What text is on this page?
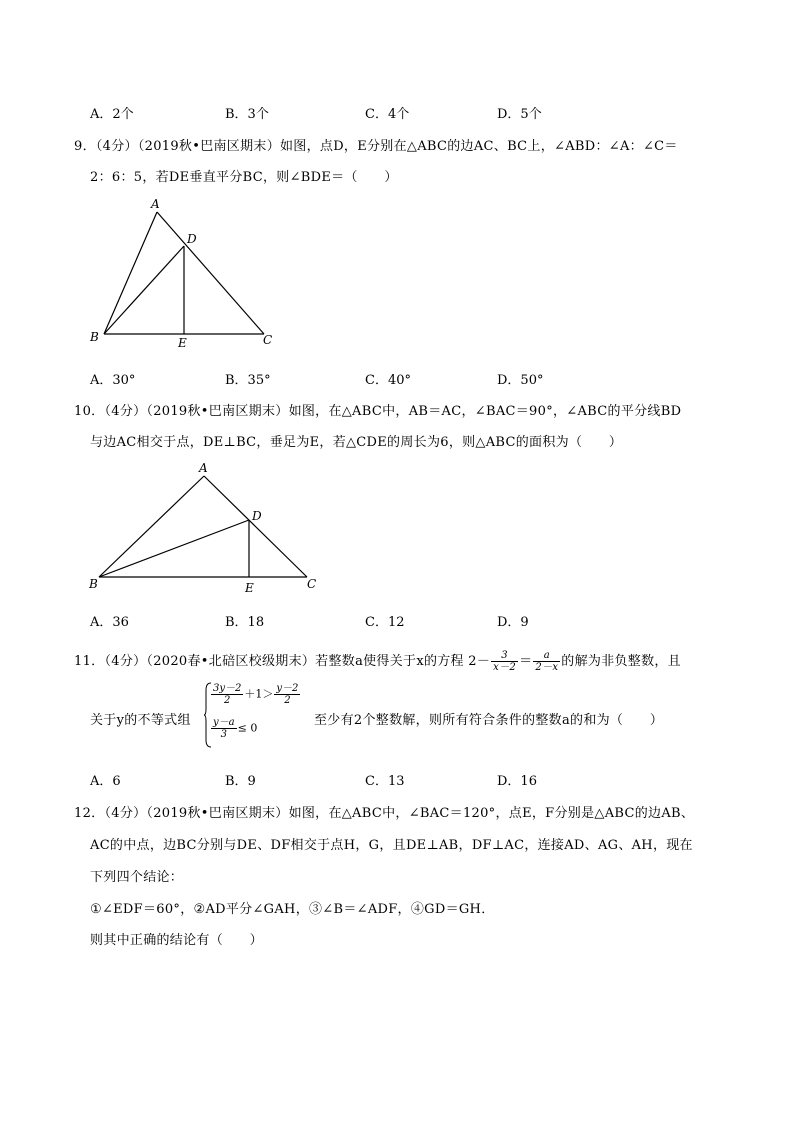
A．2个	B．3个	C．4个	D．5个
9．（4分）（2019秋•巴南区期末）如图，点D，E分别在△ABC的边AC、BC上，∠ABD：∠A：∠C＝
2：6：5，若DE垂直平分BC，则∠BDE＝（　　）
A
D
B	E	C
A．30°	B．35°	C．40°	D．50°
10．（4分）（2019秋•巴南区期末）如图，在△ABC中，AB＝AC，∠BAC＝90°，∠ABC的平分线BD
与边AC相交于点，DE⊥BC，垂足为E，若△CDE的周长为6，则△ABC的面积为（　　）
A
D
B	E	C
A．36	B．18	C．12	D．9
11．（4分）（2020春•北碚区校级期末）若整数a使得关于x的方程 $2- \frac{3}{x-2} = \frac{a}{2-x}$ 的解为非负整数，且
关于y的不等式组
$\frac{3y-2}{2} +1> \frac{y-2}{2}$
$\frac{y-a}{3} \le 0$	至少有2个整数解，则所有符合条件的整数a的和为（　　）
A．6	B．9	C．13	D．16
12．（4分）（2019秋•巴南区期末）如图，在△ABC中，∠BAC＝120°，点E，F分别是△ABC的边AB、
AC的中点，边BC分别与DE、DF相交于点H，G，且DE⊥AB，DF⊥AC，连接AD、AG、AH，现在
下列四个结论：
①∠EDF＝60°，②AD平分∠GAH，③∠B＝∠ADF，④GD＝GH．
则其中正确的结论有（　　）
